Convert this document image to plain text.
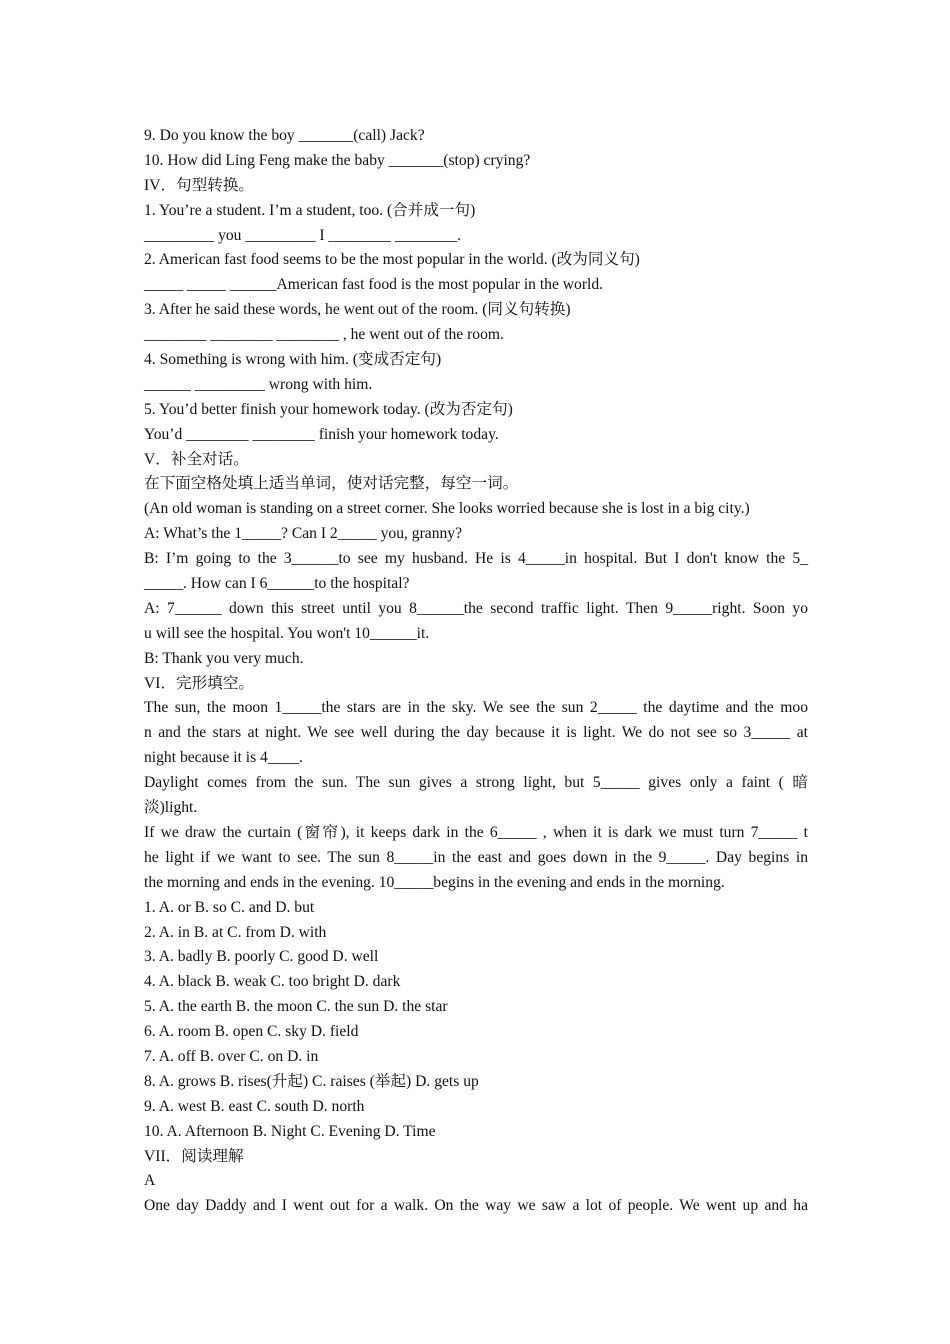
9. Do you know the boy _______(call) Jack?
10. How did Ling Feng make the baby _______(stop) crying?
IV．句型转换。
1. You’re a student. I’m a student, too. (合并成一句)
_________ you _________ I ________ ________.
2. American fast food seems to be the most popular in the world. (改为同义句)
_____ _____ ______American fast food is the most popular in the world.
3. After he said these words, he went out of the room. (同义句转换)
________ ________ ________ , he went out of the room.
4. Something is wrong with him. (变成否定句)
______ _________ wrong with him.
5. You’d better finish your homework today. (改为否定句)
You’d ________ ________ finish your homework today.
V．补全对话。
在下面空格处填上适当单词，使对话完整，每空一词。
(An old woman is standing on a street corner. She looks worried because she is lost in a big city.)
A: What’s the 1_____? Can I 2_____ you, granny?
B: I’m going to the 3______to see my husband. He is 4_____in hospital. But I don't know the 5_
_____. How can I 6______to the hospital?
A: 7______ down this street until you 8______the second traffic light. Then 9_____right. Soon yo
u will see the hospital. You won't 10______it.
B: Thank you very much.
VI．完形填空。
The sun, the moon 1_____the stars are in the sky. We see the sun 2_____ the daytime and the moo
n and the stars at night. We see well during the day because it is light. We do not see so 3_____ at
night because it is 4____.
Daylight comes from the sun. The sun gives a strong light, but 5_____ gives only a faint ( 暗
淡)light.
If we draw the curtain (窗帘), it keeps dark in the 6_____ , when it is dark we must turn 7_____ t
he light if we want to see. The sun 8_____in the east and goes down in the 9_____. Day begins in
the morning and ends in the evening. 10_____begins in the evening and ends in the morning.
1. A. or B. so C. and D. but
2. A. in B. at C. from D. with
3. A. badly B. poorly C. good D. well
4. A. black B. weak C. too bright D. dark
5. A. the earth B. the moon C. the sun D. the star
6. A. room B. open C. sky D. field
7. A. off B. over C. on D. in
8. A. grows B. rises(升起) C. raises (举起) D. gets up
9. A. west B. east C. south D. north
10. A. Afternoon B. Night C. Evening D. Time
VII．阅读理解
A
One day Daddy and I went out for a walk. On the way we saw a lot of people. We went up and ha
